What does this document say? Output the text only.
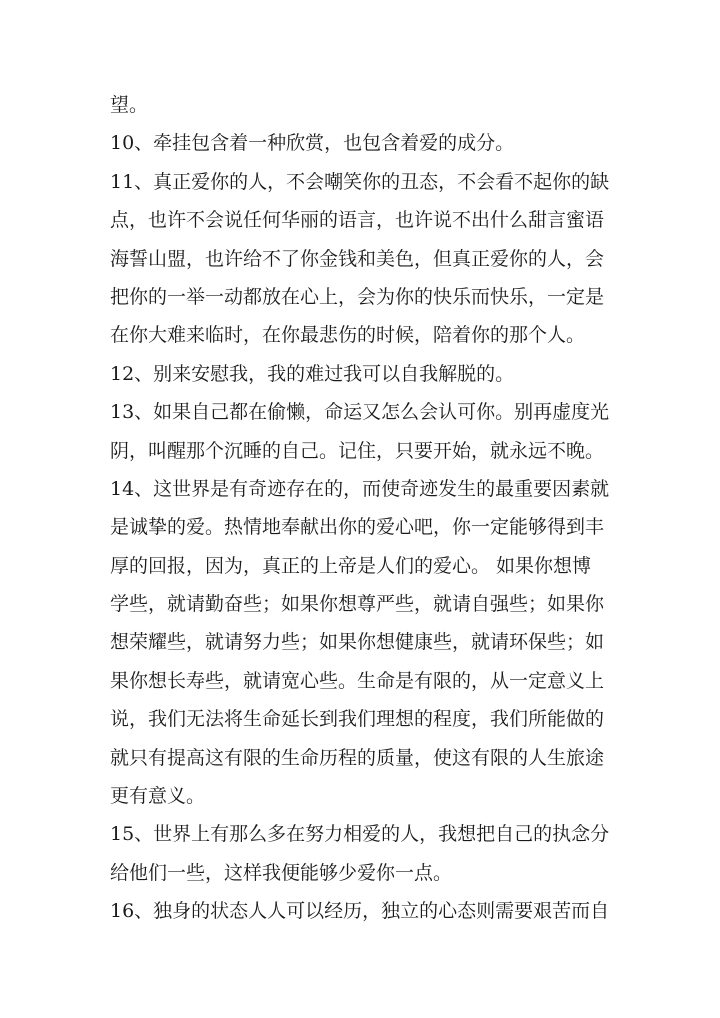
望。
10、牵挂包含着一种欣赏，也包含着爱的成分。
11、真正爱你的人，不会嘲笑你的丑态，不会看不起你的缺
点，也许不会说任何华丽的语言，也许说不出什么甜言蜜语
海誓山盟，也许给不了你金钱和美色，但真正爱你的人，会
把你的一举一动都放在心上，会为你的快乐而快乐，一定是
在你大难来临时，在你最悲伤的时候，陪着你的那个人。
12、别来安慰我，我的难过我可以自我解脱的。
13、如果自己都在偷懒，命运又怎么会认可你。别再虚度光
阴，叫醒那个沉睡的自己。记住，只要开始，就永远不晚。
14、这世界是有奇迹存在的，而使奇迹发生的最重要因素就
是诚挚的爱。热情地奉献出你的爱心吧，你一定能够得到丰
厚的回报，因为，真正的上帝是人们的爱心。 如果你想博
学些，就请勤奋些；如果你想尊严些，就请自强些；如果你
想荣耀些，就请努力些；如果你想健康些，就请环保些；如
果你想长寿些，就请宽心些。生命是有限的，从一定意义上
说，我们无法将生命延长到我们理想的程度，我们所能做的
就只有提高这有限的生命历程的质量，使这有限的人生旅途
更有意义。
15、世界上有那么多在努力相爱的人，我想把自己的执念分
给他们一些，这样我便能够少爱你一点。
16、独身的状态人人可以经历，独立的心态则需要艰苦而自
